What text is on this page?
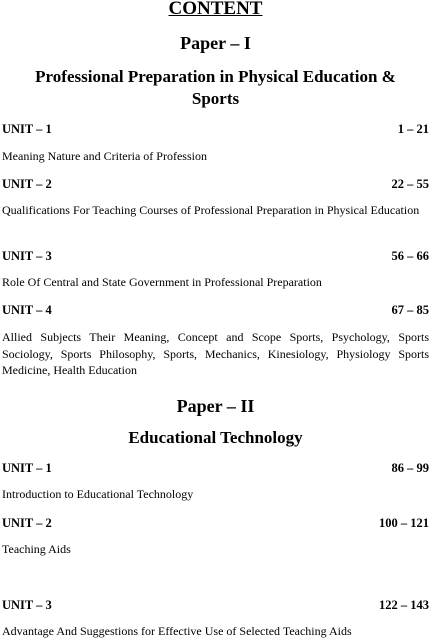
CONTENT
Paper – I
Professional Preparation in Physical Education & Sports
UNIT – 1	1 – 21
Meaning Nature and Criteria of Profession
UNIT – 2	22 – 55
Qualifications For Teaching Courses of Professional Preparation in Physical Education
UNIT – 3	56 – 66
Role Of Central and State Government in Professional Preparation
UNIT – 4	67 – 85
Allied Subjects Their Meaning, Concept and Scope Sports, Psychology, Sports Sociology, Sports Philosophy, Sports, Mechanics, Kinesiology, Physiology Sports Medicine, Health Education
Paper – II
Educational Technology
UNIT – 1	86 – 99
Introduction to Educational Technology
UNIT – 2	100 – 121
Teaching Aids
UNIT – 3	122 – 143
Advantage And Suggestions for Effective Use of Selected Teaching Aids
